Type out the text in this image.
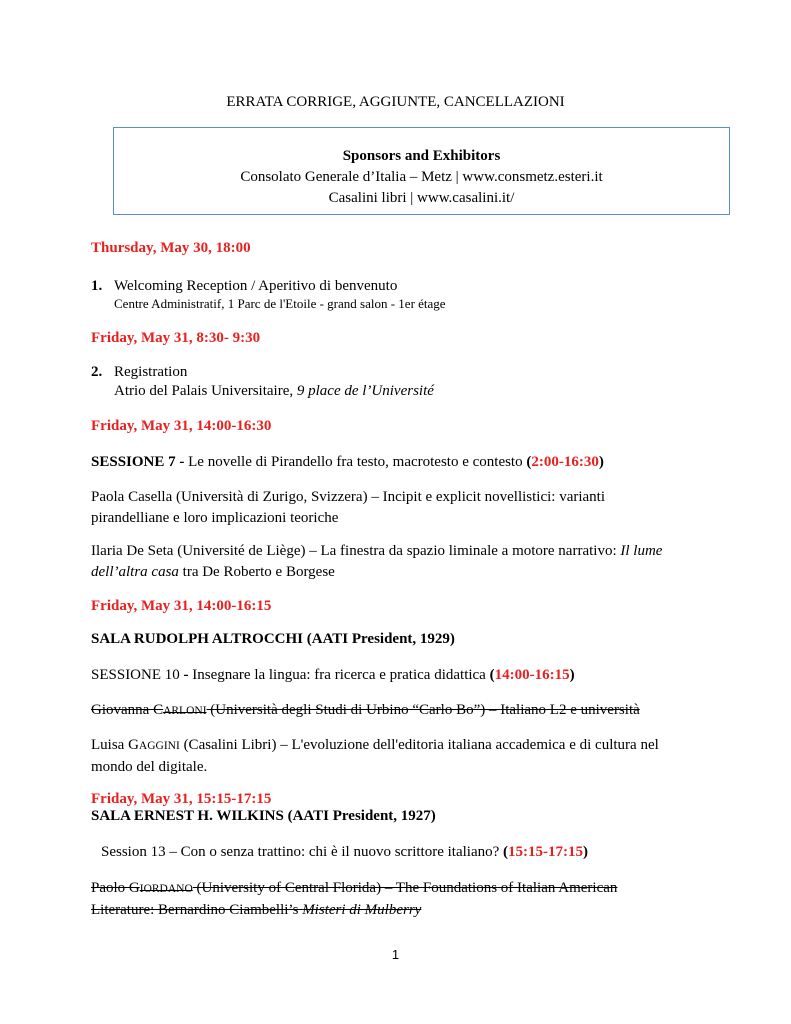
ERRATA CORRIGE, AGGIUNTE, CANCELLAZIONI
Sponsors and Exhibitors
Consolato Generale d’Italia – Metz | www.consmetz.esteri.it
Casalini libri | www.casalini.it/
Thursday, May 30, 18:00
1. Welcoming Reception / Aperitivo di benvenuto
Centre Administratif, 1 Parc de l'Etoile - grand salon - 1er étage
Friday, May 31, 8:30- 9:30
2. Registration
Atrio del Palais Universitaire, 9 place de l’Université
Friday, May 31, 14:00-16:30
SESSIONE 7 - Le novelle di Pirandello fra testo, macrotesto e contesto (2:00-16:30)
Paola Casella (Università di Zurigo, Svizzera) – Incipit e explicit novellistici: varianti
pirandelliane e loro implicazioni teoriche
Ilaria De Seta (Université de Liège) – La finestra da spazio liminale a motore narrativo: Il lume
dell’altra casa tra De Roberto e Borgese
Friday, May 31, 14:00-16:15
SALA RUDOLPH ALTROCCHI (AATI President, 1929)
SESSIONE 10 - Insegnare la lingua: fra ricerca e pratica didattica (14:00-16:15)
Giovanna CARLONI (Università degli Studi di Urbino “Carlo Bo”) – Italiano L2 e università
Luisa GAGGINI (Casalini Libri) – L'evoluzione dell'editoria italiana accademica e di cultura nel
mondo del digitale.
Friday, May 31, 15:15-17:15
SALA ERNEST H. WILKINS (AATI President, 1927)
Session 13 – Con o senza trattino: chi è il nuovo scrittore italiano? (15:15-17:15)
Paolo GIORDANO (University of Central Florida) – The Foundations of Italian American
Literature: Bernardino Ciambelli’s Misteri di Mulberry
1
